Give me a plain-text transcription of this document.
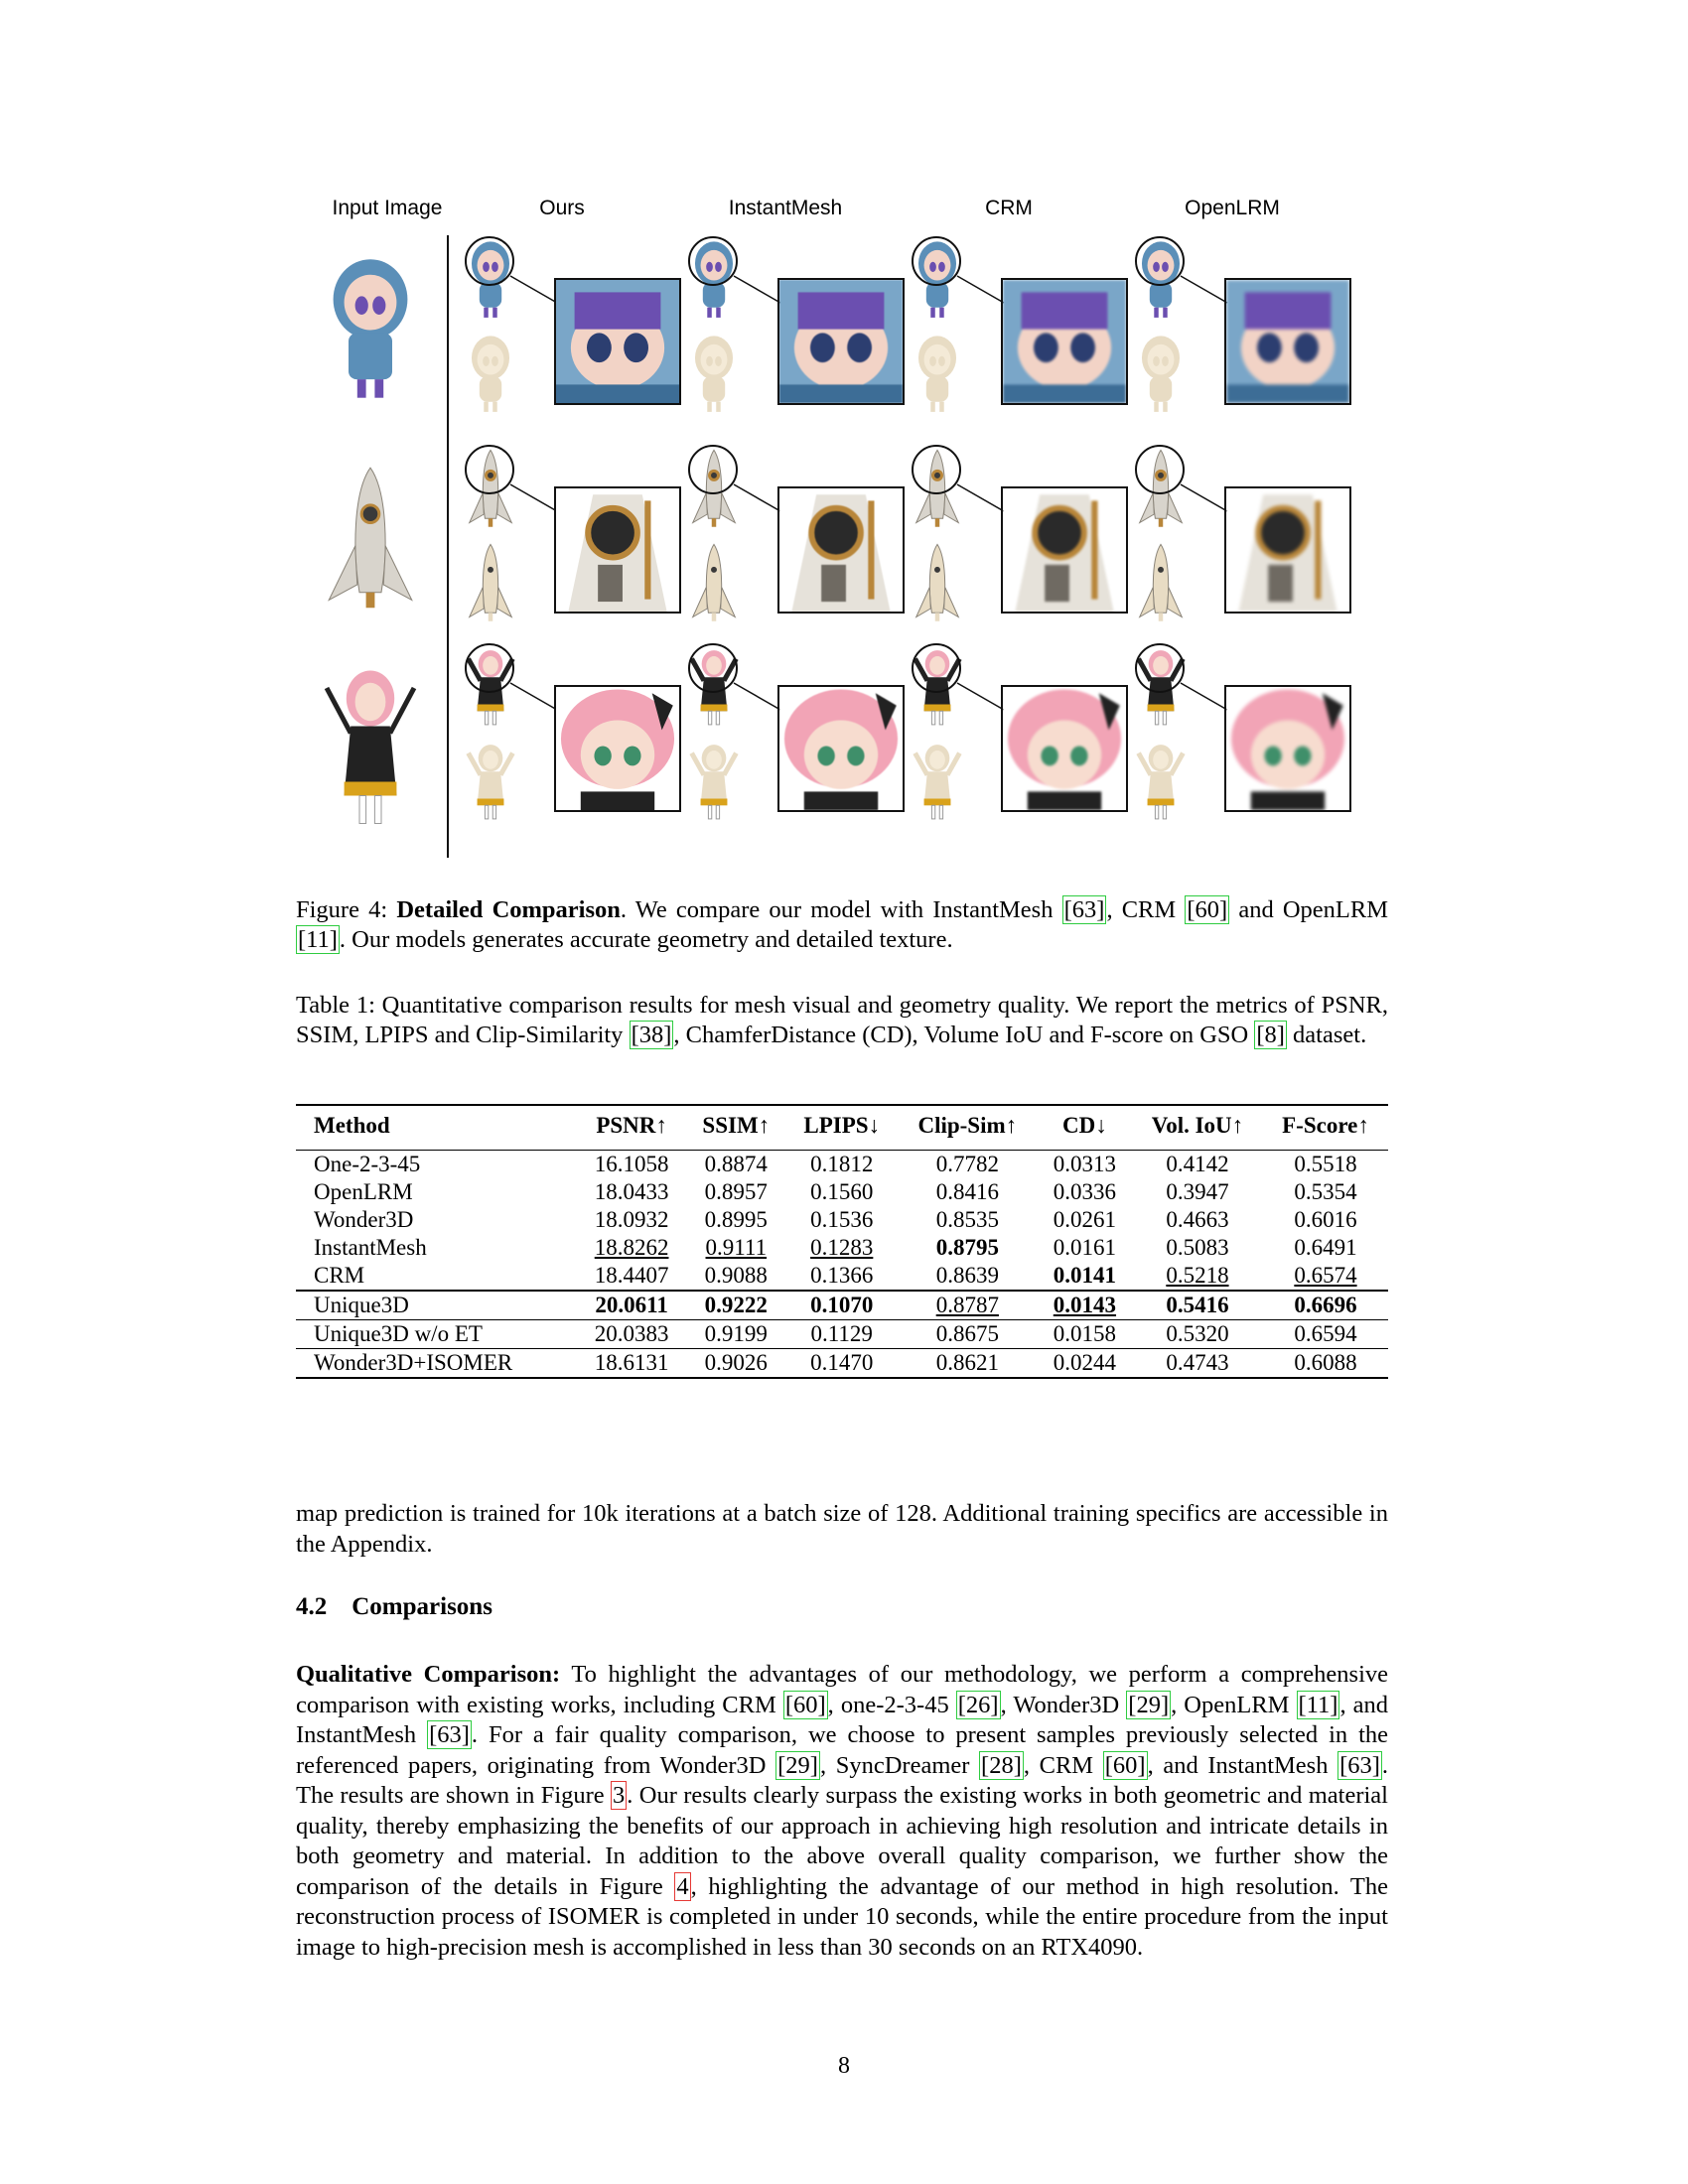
Input Image	Ours	InstantMesh	CRM	OpenLRM
Figure 4: Detailed Comparison. We compare our model with InstantMesh [63], CRM [60] and OpenLRM [11]. Our models generates accurate geometry and detailed texture.
Table 1: Quantitative comparison results for mesh visual and geometry quality. We report the metrics of PSNR, SSIM, LPIPS and Clip-Similarity [38], ChamferDistance (CD), Volume IoU and F-score on GSO [8] dataset.
Method	PSNR↑	SSIM↑	LPIPS↓	Clip-Sim↑	CD↓	Vol. IoU↑	F-Score↑
One-2-3-45	16.1058	0.8874	0.1812	0.7782	0.0313	0.4142	0.5518
OpenLRM	18.0433	0.8957	0.1560	0.8416	0.0336	0.3947	0.5354
Wonder3D	18.0932	0.8995	0.1536	0.8535	0.0261	0.4663	0.6016
InstantMesh	18.8262	0.9111	0.1283	0.8795	0.0161	0.5083	0.6491
CRM	18.4407	0.9088	0.1366	0.8639	0.0141	0.5218	0.6574
Unique3D	20.0611	0.9222	0.1070	0.8787	0.0143	0.5416	0.6696
Unique3D w/o ET	20.0383	0.9199	0.1129	0.8675	0.0158	0.5320	0.6594
Wonder3D+ISOMER	18.6131	0.9026	0.1470	0.8621	0.0244	0.4743	0.6088
map prediction is trained for 10k iterations at a batch size of 128. Additional training specifics are accessible in the Appendix.
4.2 Comparisons
Qualitative Comparison: To highlight the advantages of our methodology, we perform a comprehensive comparison with existing works, including CRM [60], one-2-3-45 [26], Wonder3D [29], OpenLRM [11], and InstantMesh [63]. For a fair quality comparison, we choose to present samples previously selected in the referenced papers, originating from Wonder3D [29], SyncDreamer [28], CRM [60], and InstantMesh [63]. The results are shown in Figure 3. Our results clearly surpass the existing works in both geometric and material quality, thereby emphasizing the benefits of our approach in achieving high resolution and intricate details in both geometry and material. In addition to the above overall quality comparison, we further show the comparison of the details in Figure 4, highlighting the advantage of our method in high resolution. The reconstruction process of ISOMER is completed in under 10 seconds, while the entire procedure from the input image to high-precision mesh is accomplished in less than 30 seconds on an RTX4090.
8
